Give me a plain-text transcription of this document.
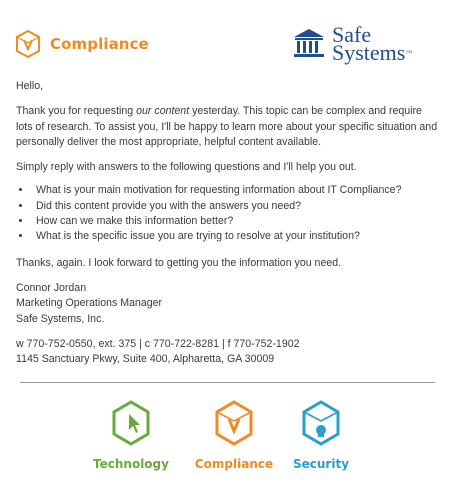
Compliance	Safe
Systems™

Hello,

Thank you for requesting our content yesterday. This topic can be complex and require lots of research. To assist you, I'll be happy to learn more about your specific situation and personally deliver the most appropriate, helpful content available.

Simply reply with answers to the following questions and I'll help you out.

• What is your main motivation for requesting information about IT Compliance?
• Did this content provide you with the answers you need?
• How can we make this information better?
• What is the specific issue you are trying to resolve at your institution?

Thanks, again. I look forward to getting you the information you need.

Connor Jordan
Marketing Operations Manager
Safe Systems, Inc.
w 770-752-0550, ext. 375 | c 770-722-8281 | f 770-752-1902
1145 Sanctuary Pkwy, Suite 400, Alpharetta, GA 30009
Technology	Compliance	Security
